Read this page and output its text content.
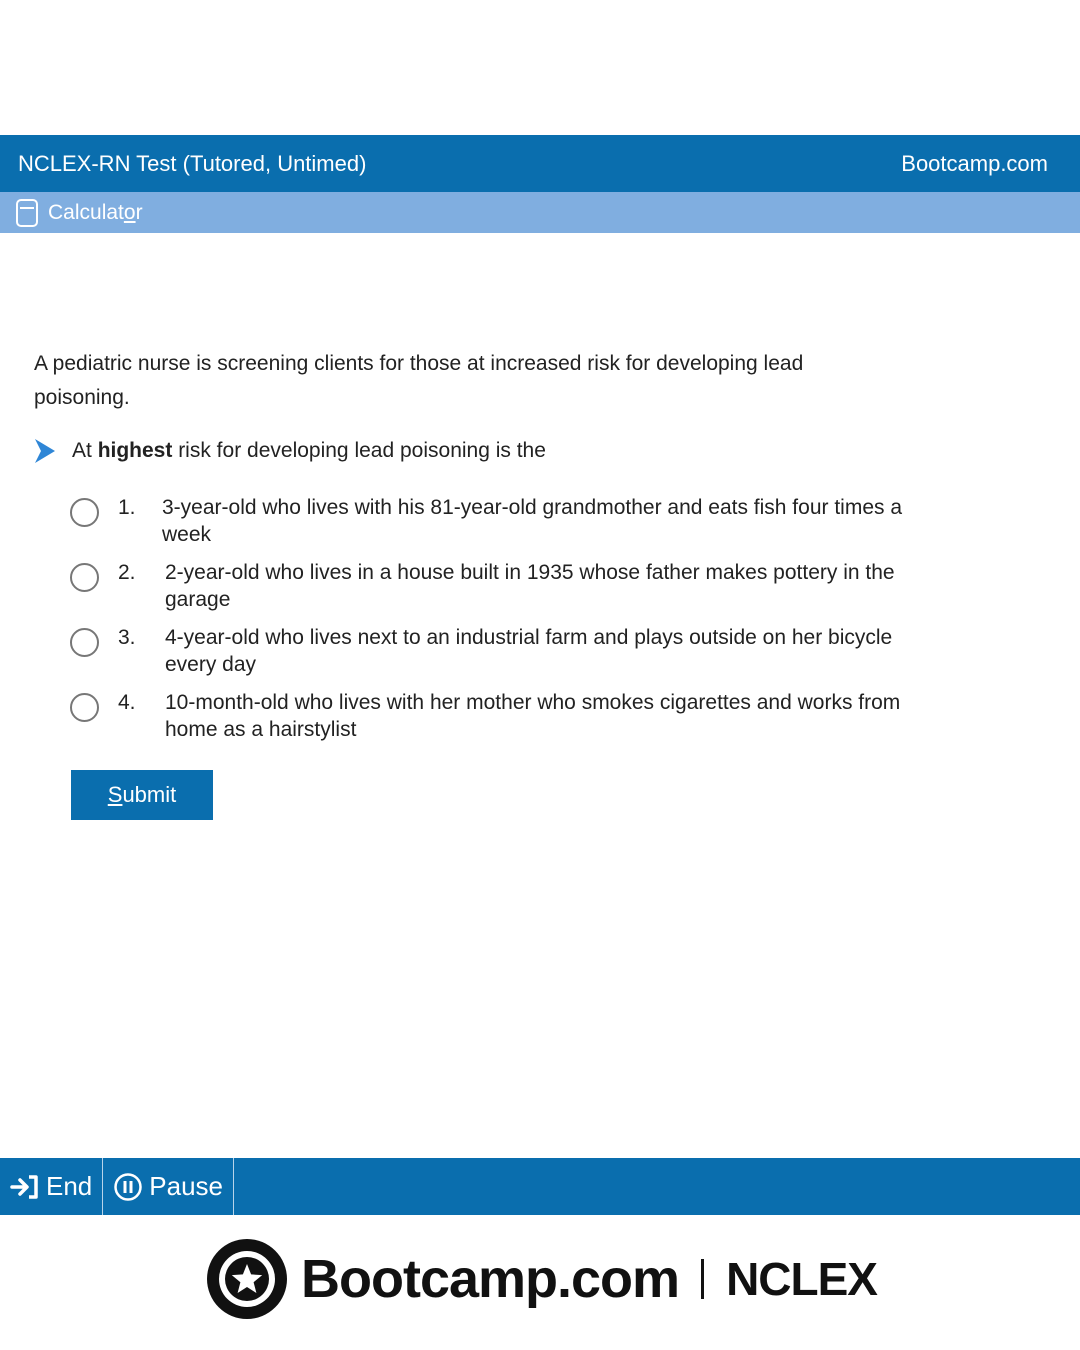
NCLEX-RN Test (Tutored, Untimed)	Bootcamp.com
Calculator
A pediatric nurse is screening clients for those at increased risk for developing lead poisoning.
At highest risk for developing lead poisoning is the
1.	3-year-old who lives with his 81-year-old grandmother and eats fish four times a week
2.	2-year-old who lives in a house built in 1935 whose father makes pottery in the garage
3.	4-year-old who lives next to an industrial farm and plays outside on her bicycle every day
4.	10-month-old who lives with her mother who smokes cigarettes and works from home as a hairstylist
S ubmit
End Pause
Bootcamp.com NCLEX
